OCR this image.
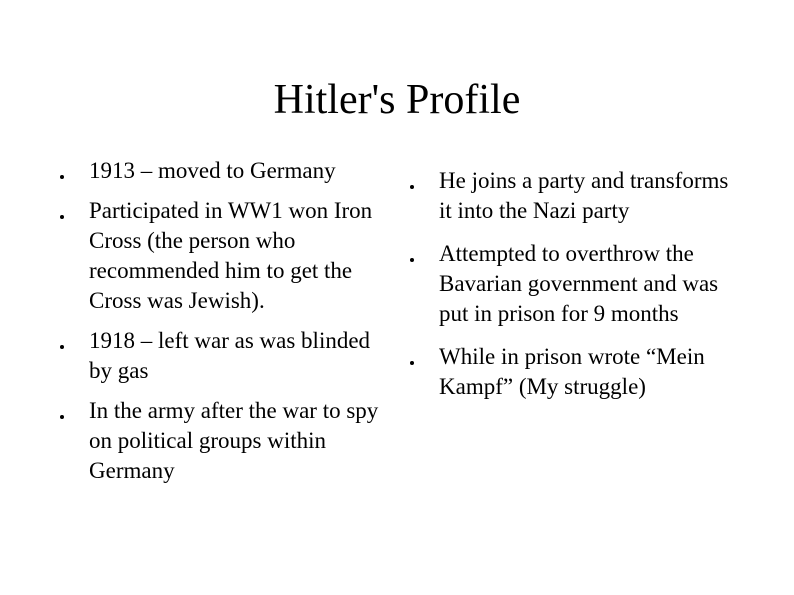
Hitler's Profile
1913 – moved to Germany
Participated in WW1 won Iron Cross (the person who recommended him to get the Cross was Jewish).
1918 – left war as was blinded by gas
In the army after the war to spy on political groups within Germany
He joins a party and transforms it into the Nazi party
Attempted to overthrow the Bavarian government and was put in prison for 9 months
While in prison wrote “Mein Kampf” (My struggle)
